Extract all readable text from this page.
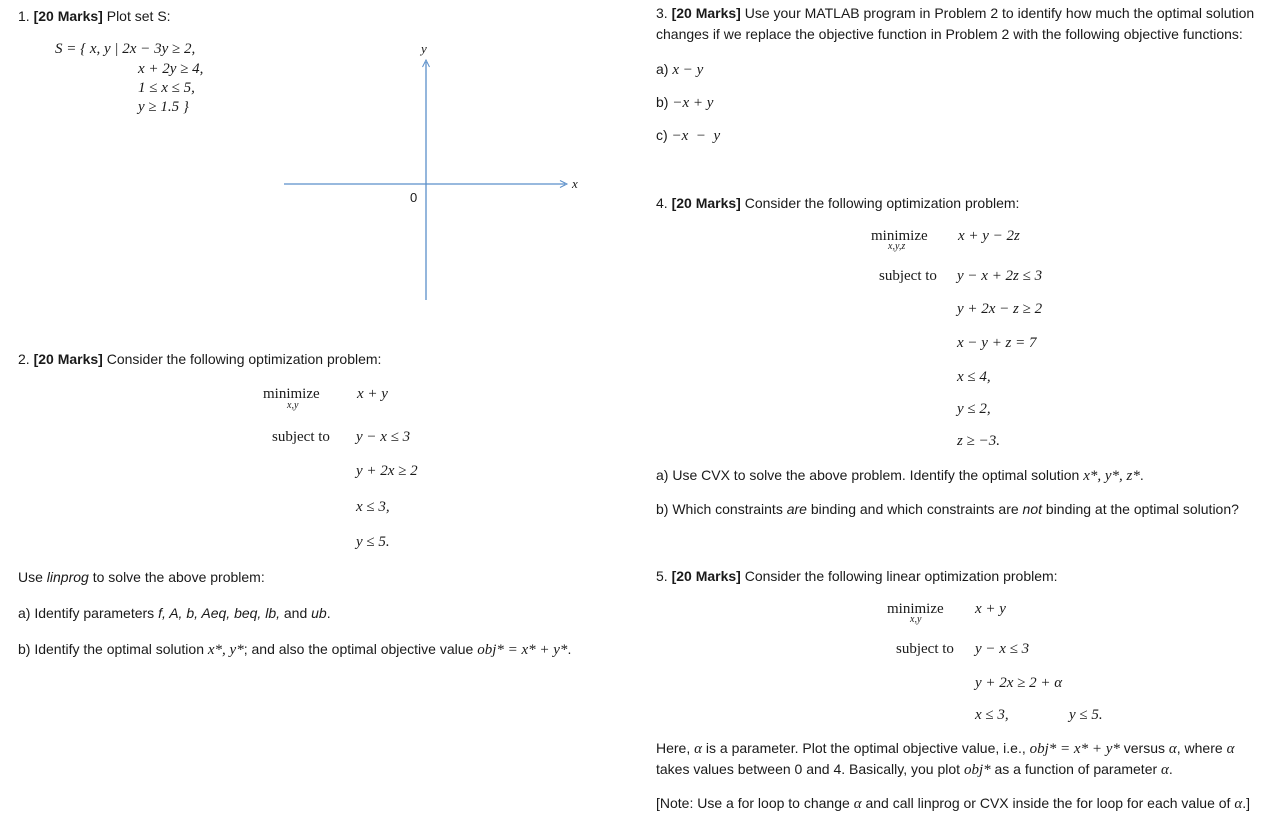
1. [20 Marks] Plot set S:
S = { x, y | 2x − 3y ≥ 2,
x + 2y ≥ 4,
1 ≤ x ≤ 5,
y ≥ 1.5 }
y
x
0
2. [20 Marks] Consider the following optimization problem:
minimize
x,y
x + y
subject to y − x ≤ 3
y + 2x ≥ 2
x ≤ 3,
y ≤ 5.
Use linprog to solve the above problem:
a) Identify parameters f, A, b, Aeq, beq, lb, and ub.
b) Identify the optimal solution x*, y*; and also the optimal objective value obj* = x* + y*.
3. [20 Marks] Use your MATLAB program in Problem 2 to identify how much the optimal solution
changes if we replace the objective function in Problem 2 with the following objective functions:
a) x − y
b) −x + y
c) −x  −  y
4. [20 Marks] Consider the following optimization problem:
minimize
x,y,z
x + y − 2z
subject to y − x + 2z ≤ 3
y + 2x − z ≥ 2
x − y + z = 7
x ≤ 4,
y ≤ 2,
z ≥ −3.
a) Use CVX to solve the above problem. Identify the optimal solution x*, y*, z*.
b) Which constraints are binding and which constraints are not binding at the optimal solution?
5. [20 Marks] Consider the following linear optimization problem:
minimize
x,y
x + y
subject to y − x ≤ 3
y + 2x ≥ 2 + α
x ≤ 3,	y ≤ 5.
Here, α is a parameter. Plot the optimal objective value, i.e., obj* = x* + y* versus α, where α
takes values between 0 and 4. Basically, you plot obj* as a function of parameter α.
[Note: Use a for loop to change α and call linprog or CVX inside the for loop for each value of α.]
